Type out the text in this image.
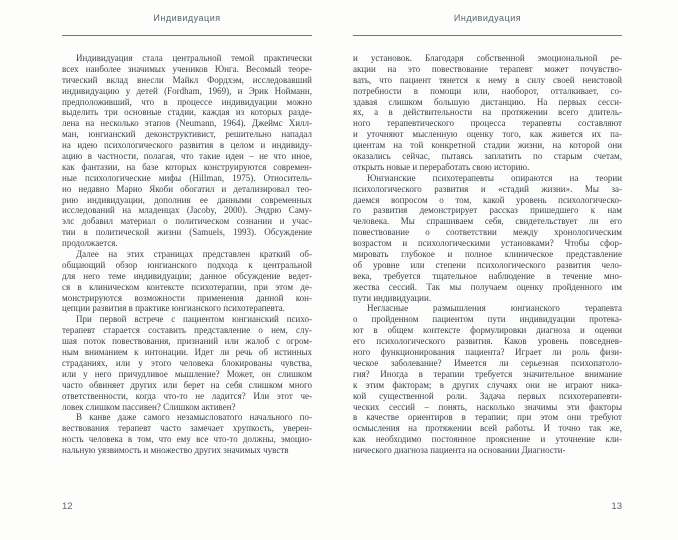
Индивидуация
Индивидуация стала центральной темой практически
всех наиболее значимых учеников Юнга. Весомый теоре-
тический вклад внесли Майкл Фордхэм, исследовавший
индивидуацию у детей (Fordham, 1969), и Эрик Нойманн,
предположивший, что в процессе индивидуации можно
выделить три основные стадии, каждая из которых разде-
лена на несколько этапов (Neumann, 1964). Джеймс Хилл-
ман, юнгианский деконструктивист, решительно нападал
на идею психологического развития в целом и индивиду-
ацию в частности, полагая, что такие идеи – не что иное,
как фантазии, на базе которых конструируются современ-
ные психологические мифы (Hillman, 1975). Относитель-
но недавно Марио Якоби обогатил и детализировал тео-
рию индивидуации, дополнив ее данными современных
исследований на младенцах (Jacoby, 2000). Эндрю Саму-
элс добавил материал о политическом сознании и учас-
тии в политической жизни (Samuels, 1993). Обсуждение
продолжается.
Далее на этих страницах представлен краткий об-
общающий обзор юнгианского подхода к центральной
для него теме индивидуации; данное обсуждение ведет-
ся в клиническом контексте психотерапии, при этом де-
монстрируются возможности применения данной кон-
цепции развития в практике юнгианского психотерапевта.
При первой встрече с пациентом юнгианский психо-
терапевт старается составить представление о нем, слу-
шая поток повествования, признаний или жалоб с огром-
ным вниманием к интонации. Идет ли речь об истинных
страданиях, или у этого человека блокированы чувства,
или у него причудливое мышление? Может, он слишком
часто обвиняет других или берет на себя слишком много
ответственности, когда что-то не ладится? Или этот че-
ловек слишком пассивен? Слишком активен?
В канве даже самого незамысловатого начального по-
вествования терапевт часто замечает хрупкость, уверен-
ность человека в том, что ему все что-то должны, эмоцио-
нальную уязвимость и множество других значимых чувств
12
Индивидуация
и установок. Благодаря собственной эмоциональной ре-
акции на это повествование терапевт может почувство-
вать, что пациент тянется к нему в силу своей неистовой
потребности в помощи или, наоборот, отталкивает, со-
здавая слишком большую дистанцию. На первых сесси-
ях, а в действительности на протяжении всего длитель-
ного терапевтического процесса терапевты составляют
и уточняют мысленную оценку того, как живется их па-
циентам на той конкретной стадии жизни, на которой они
оказались сейчас, пытаясь заплатить по старым счетам,
открыть новые и переработать свою историю.
Юнгианские психотерапевты опираются на теории
психологического развития и «стадий жизни». Мы за-
даемся вопросом о том, какой уровень психологическо-
го развития демонстрирует рассказ пришедшего к нам
человека. Мы спрашиваем себя, свидетельствует ли его
повествование о соответствии между хронологическим
возрастом и психологическими установками? Чтобы сфор-
мировать глубокое и полное клиническое представление
об уровне или степени психологического развития чело-
века, требуется тщательное наблюдение в течение мно-
жества сессий. Так мы получаем оценку пройденного им
пути индивидуации.
Негласные размышления юнгианского терапевта
о пройденном пациентом пути индивидуации протека-
ют в общем контексте формулировки диагноза и оценки
его психологического развития. Каков уровень повседнев-
ного функционирования пациента? Играет ли роль физи-
ческое заболевание? Имеется ли серьезная психопатоло-
гия? Иногда в терапии требуется значительное внимание
к этим факторам; в других случаях они не играют ника-
кой существенной роли. Задача первых психотерапевти-
ческих сессий – понять, насколько значимы эти факторы
в качестве ориентиров в терапии; при этом они требуют
осмысления на протяжении всей работы. И точно так же,
как необходимо постоянное прояснение и уточнение кли-
нического диагноза пациента на основании Диагности-
13
